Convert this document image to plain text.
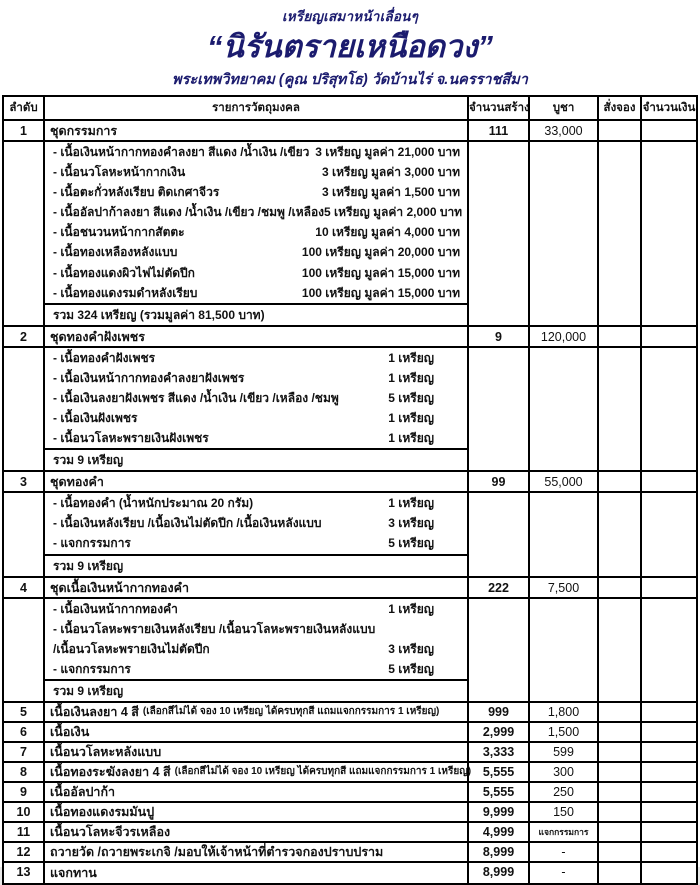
เหรียญเสมาหน้าเลื่อนๆ
“นิรันตรายเหนือดวง”
พระเทพวิทยาคม (คูณ ปริสุทโธ) วัดบ้านไร่ จ.นครราชสีมา
ลำดับ	รายการวัตถุมงคล	จำนวนสร้าง	บูชา	สั่งจอง จำนวนเงิน
1	ชุดกรรมการ	111	33,000
- เนื้อเงินหน้ากากทองคำลงยา สีแดง /น้ำเงิน /เขียว 3 เหรียญ มูลค่า 21,000 บาท
- เนื้อนวโลหะหน้ากากเงิน	3 เหรียญ มูลค่า 3,000 บาท
- เนื้อตะกั่วหลังเรียบ ติดเกศาจีวร	3 เหรียญ มูลค่า 1,500 บาท
- เนื้ออัลปาก้าลงยา สีแดง /น้ำเงิน /เขียว /ชมพู /เหลือง 5 เหรียญ มูลค่า 2,000 บาท
- เนื้อชนวนหน้ากากสัตตะ	10 เหรียญ มูลค่า 4,000 บาท
- เนื้อทองเหลืองหลังแบบ	100 เหรียญ มูลค่า 20,000 บาท
- เนื้อทองแดงผิวไฟไม่ตัดปีก	100 เหรียญ มูลค่า 15,000 บาท
- เนื้อทองแดงรมดำหลังเรียบ	100 เหรียญ มูลค่า 15,000 บาท
รวม 324 เหรียญ (รวมมูลค่า 81,500 บาท)
2	ชุดทองคำฝังเพชร	9	120,000
- เนื้อทองคำฝังเพชร	1 เหรียญ
- เนื้อเงินหน้ากากทองคำลงยาฝังเพชร	1 เหรียญ
- เนื้อเงินลงยาฝังเพชร สีแดง /น้ำเงิน /เขียว /เหลือง /ชมพู	5 เหรียญ
- เนื้อเงินฝังเพชร	1 เหรียญ
- เนื้อนวโลหะพรายเงินฝังเพชร	1 เหรียญ
รวม 9 เหรียญ
3	ชุดทองคำ	99	55,000
- เนื้อทองคำ (น้ำหนักประมาณ 20 กรัม)	1 เหรียญ
- เนื้อเงินหลังเรียบ /เนื้อเงินไม่ตัดปีก /เนื้อเงินหลังแบบ	3 เหรียญ
- แจกกรรมการ	5 เหรียญ
รวม 9 เหรียญ
4	ชุดเนื้อเงินหน้ากากทองคำ	222	7,500
- เนื้อเงินหน้ากากทองคำ	1 เหรียญ
- เนื้อนวโลหะพรายเงินหลังเรียบ /เนื้อนวโลหะพรายเงินหลังแบบ
/เนื้อนวโลหะพรายเงินไม่ตัดปีก	3 เหรียญ
- แจกกรรมการ	5 เหรียญ
รวม 9 เหรียญ
5	เนื้อเงินลงยา 4 สี (เลือกสีไม่ได้ จอง 10 เหรียญ ได้ครบทุกสี แถมแจกกรรมการ 1 เหรียญ)	999	1,800
6	เนื้อเงิน	2,999	1,500
7	เนื้อนวโลหะหลังแบบ	3,333	599
8	เนื้อทองระฆังลงยา 4 สี (เลือกสีไม่ได้ จอง 10 เหรียญ ได้ครบทุกสี แถมแจกกรรมการ 1 เหรียญ) 5,555	300
9	เนื้ออัลปาก้า	5,555	250
10	เนื้อทองแดงรมมันปู	9,999	150
11	เนื้อนวโลหะจีวรเหลือง	4,999	แจกกรรมการ
12	ถวายวัด /ถวายพระเกจิ /มอบให้เจ้าหน้าที่ตำรวจกองปราบปราม	8,999	-
13	แจกทาน	8,999	-
